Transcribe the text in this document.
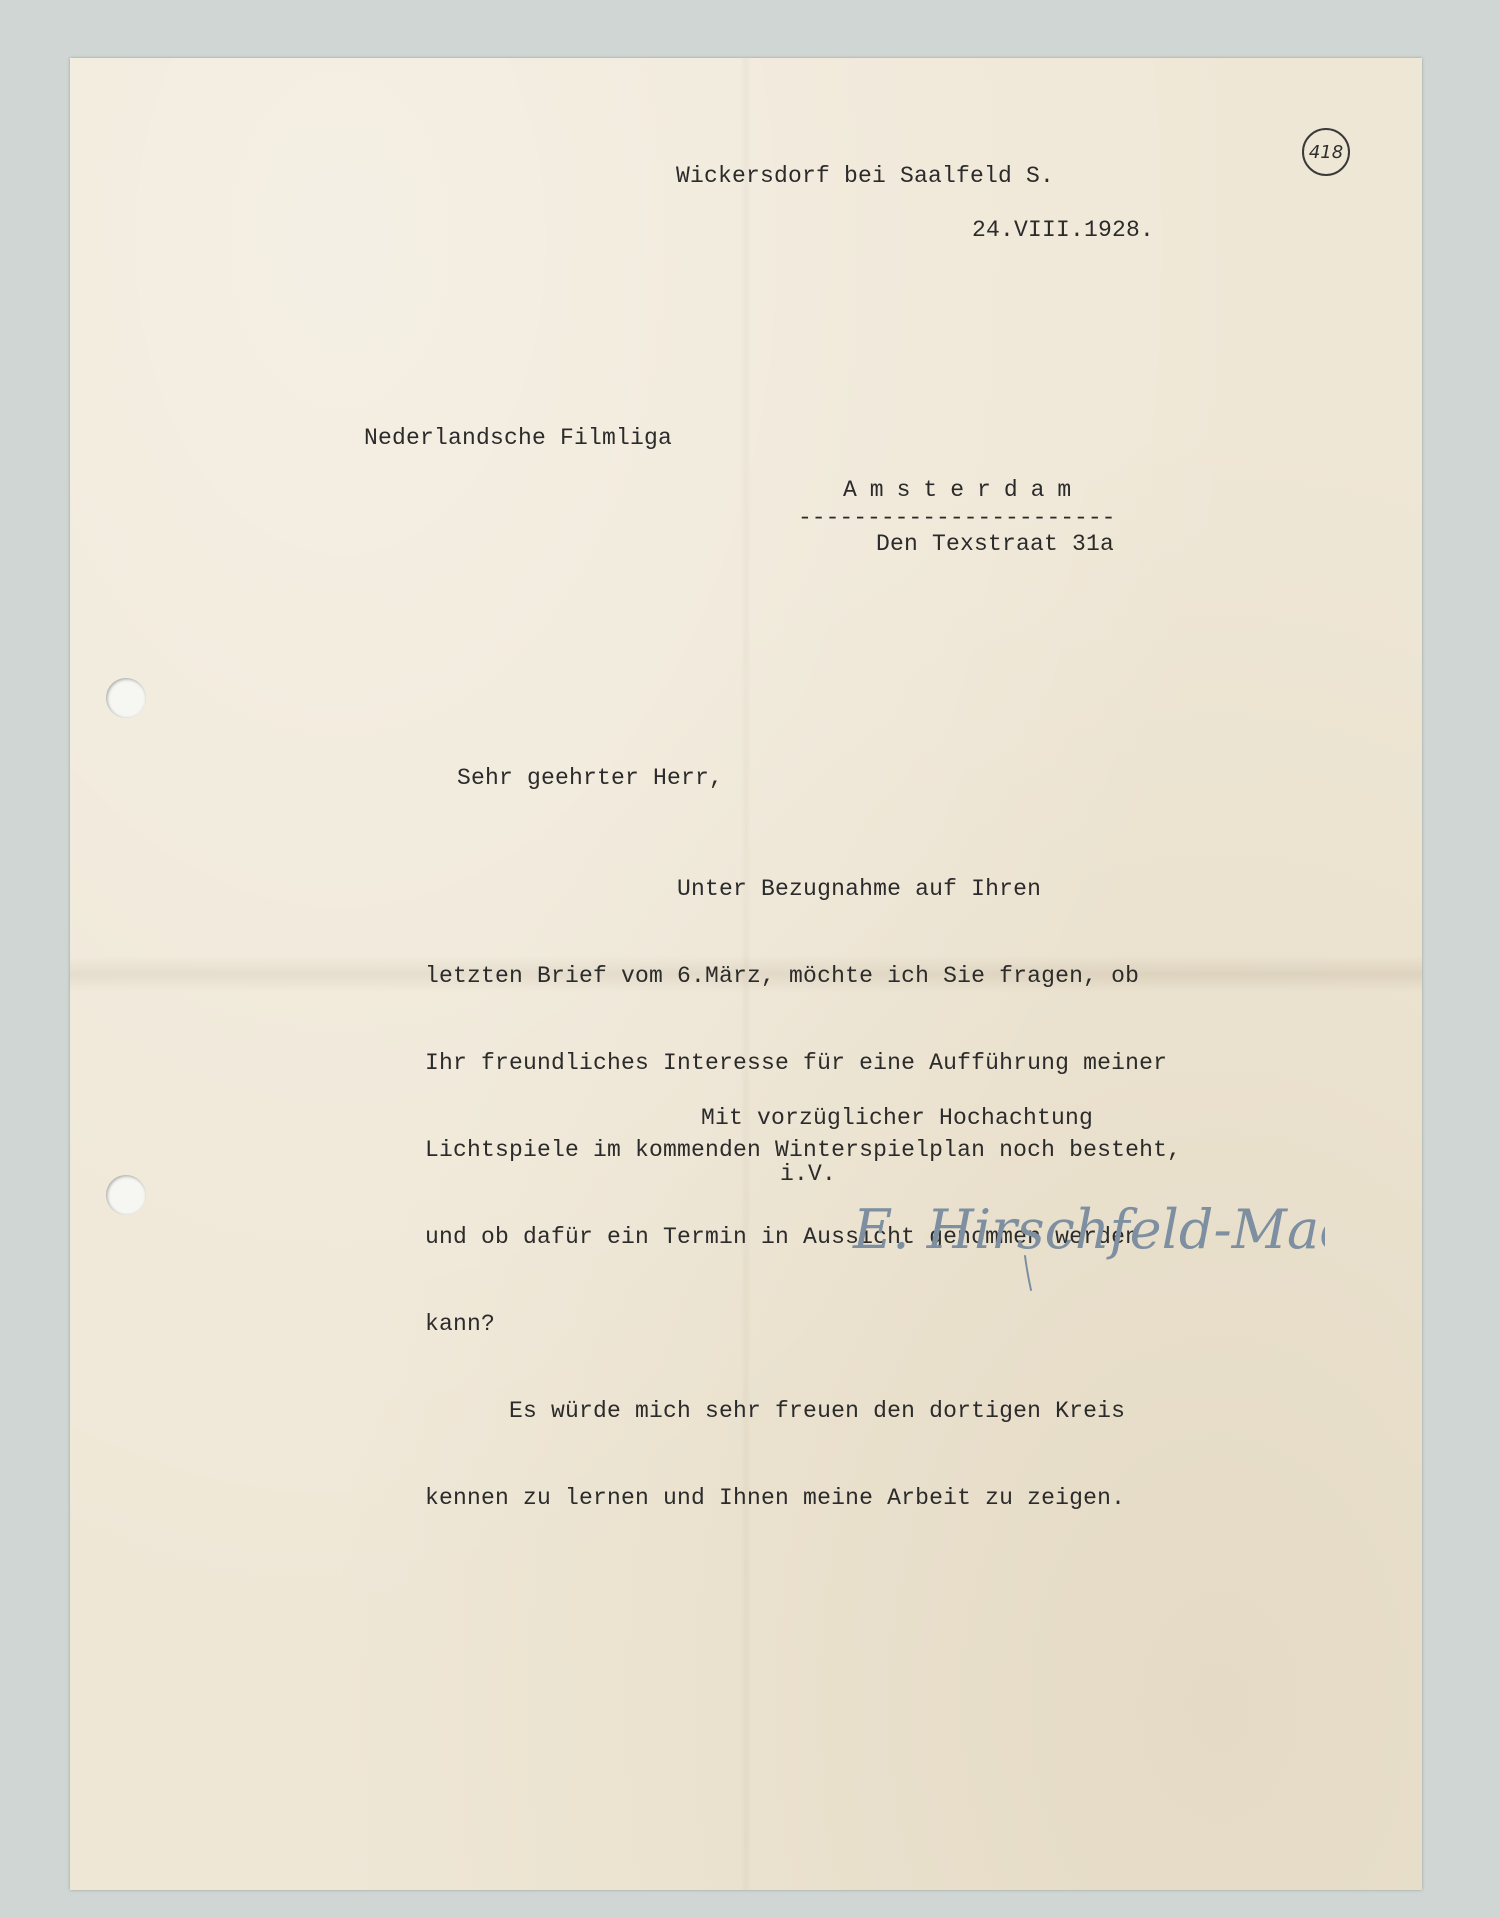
418
Wickersdorf bei Saalfeld S.
24.VIII.1928.
Nederlandsche Filmliga
Amsterdam
-----------------------
Den Texstraat 31a
Sehr geehrter Herr,

Unter Bezugnahme auf Ihren

letzten Brief vom 6.März, möchte ich Sie fragen, ob

Ihr freundliches Interesse für eine Aufführung meiner

Lichtspiele im kommenden Winterspielplan noch besteht,

und ob dafür ein Termin in Aussicht genommen werden

kann?

Es würde mich sehr freuen den dortigen Kreis

kennen zu lernen und Ihnen meine Arbeit zu zeigen.

Mit vorzüglicher Hochachtung
i.V.
E. Hirschfeld-Ma
